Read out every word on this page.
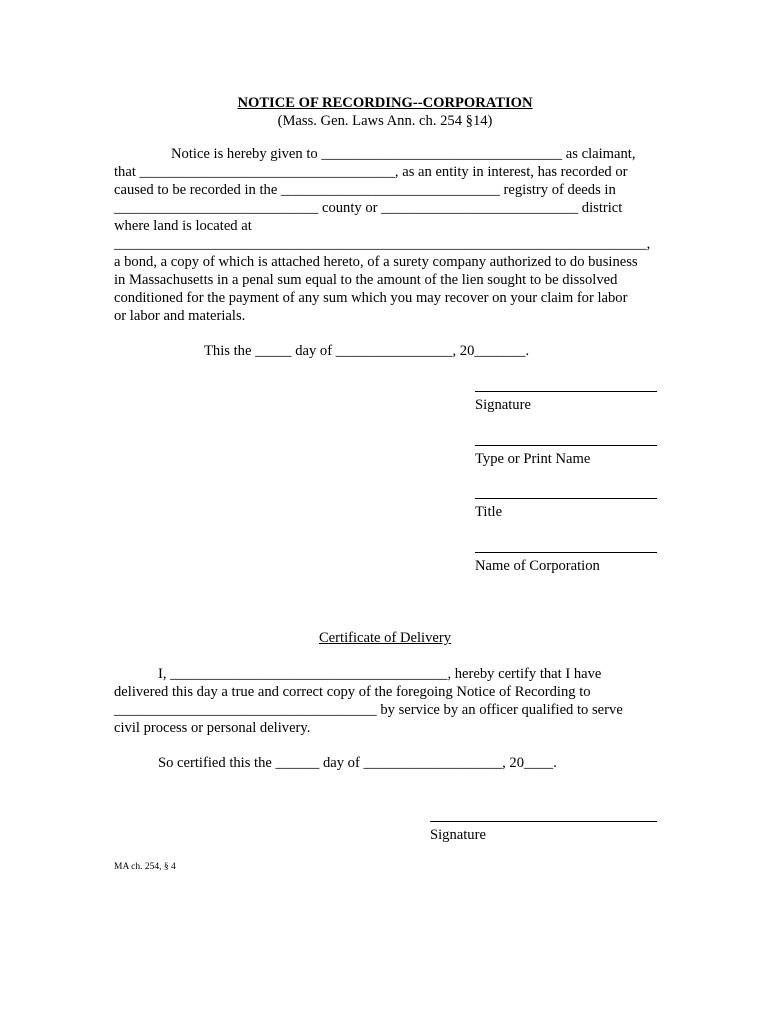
NOTICE OF RECORDING--CORPORATION
(Mass. Gen. Laws Ann. ch. 254 §14)
Notice is hereby given to _________________________________ as claimant,
that ___________________________________, as an entity in interest, has recorded or
caused to be recorded in the ______________________________ registry of deeds in
____________________________ county or ___________________________ district
where land is located at
_________________________________________________________________________,
a bond, a copy of which is attached hereto, of a surety company authorized to do business
in Massachusetts in a penal sum equal to the amount of the lien sought to be dissolved
conditioned for the payment of any sum which you may recover on your claim for labor
or labor and materials.
This the _____ day of ________________, 20_______.
Signature
Type or Print Name
Title
Name of Corporation
Certificate of Delivery
I, ______________________________________, hereby certify that I have
delivered this day a true and correct copy of the foregoing Notice of Recording to
____________________________________ by service by an officer qualified to serve
civil process or personal delivery.
So certified this the ______ day of ___________________, 20____.
Signature
MA ch. 254, § 4
